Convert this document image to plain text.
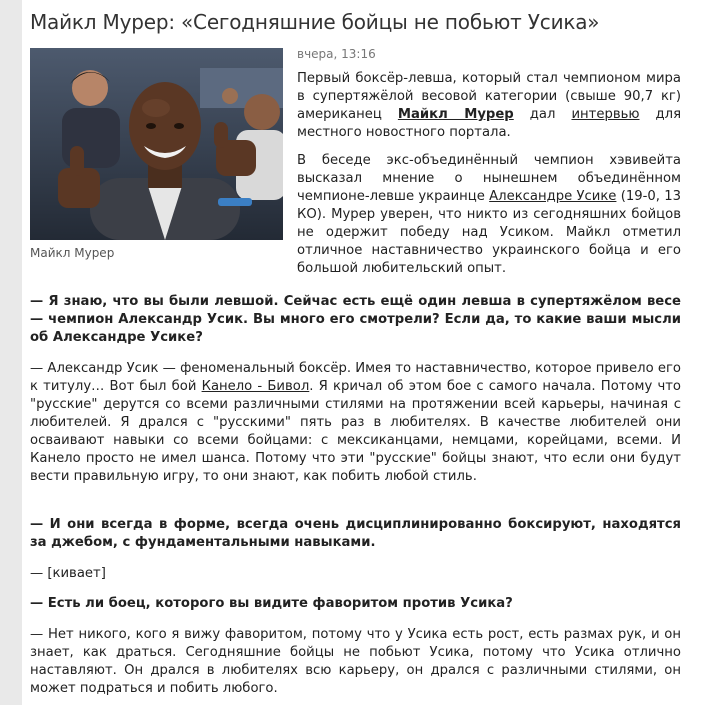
Майкл Мурер: «Сегодняшние бойцы не побьют Усика»
Майкл Мурер
вчера, 13:16

Первый боксёр-левша, который стал чемпионом мира в супертяжёлой весовой категории (свыше 90,7 кг) американец Майкл Мурер дал интервью для местного новостного портала.

В беседе экс-объединённый чемпион хэвивейта высказал мнение о нынешнем объединённом чемпионе-левше украинце Александре Усике (19-0, 13 КО). Мурер уверен, что никто из сегодняшних бойцов не одержит победу над Усиком. Майкл отметил отличное наставничество украинского бойца и его большой любительский опыт.

— Я знаю, что вы были левшой. Сейчас есть ещё один левша в супертяжёлом весе — чемпион Александр Усик. Вы много его смотрели? Если да, то какие ваши мысли об Александре Усике?

— Александр Усик — феноменальный боксёр. Имея то наставничество, которое привело его к титулу… Вот был бой Канело - Бивол. Я кричал об этом бое с самого начала. Потому что "русские" дерутся со всеми различными стилями на протяжении всей карьеры, начиная с любителей. Я дрался с "русскими" пять раз в любителях. В качестве любителей они осваивают навыки со всеми бойцами: с мексиканцами, немцами, корейцами, всеми. И Канело просто не имел шанса. Потому что эти "русские" бойцы знают, что если они будут вести правильную игру, то они знают, как побить любой стиль.

— И они всегда в форме, всегда очень дисциплинированно боксируют, находятся за джебом, с фундаментальными навыками.

— [кивает]

— Есть ли боец, которого вы видите фаворитом против Усика?

— Нет никого, кого я вижу фаворитом, потому что у Усика есть рост, есть размах рук, и он знает, как драться. Сегодняшние бойцы не побьют Усика, потому что Усика отлично наставляют. Он дрался в любителях всю карьеру, он дрался с различными стилями, он может подраться и побить любого.
